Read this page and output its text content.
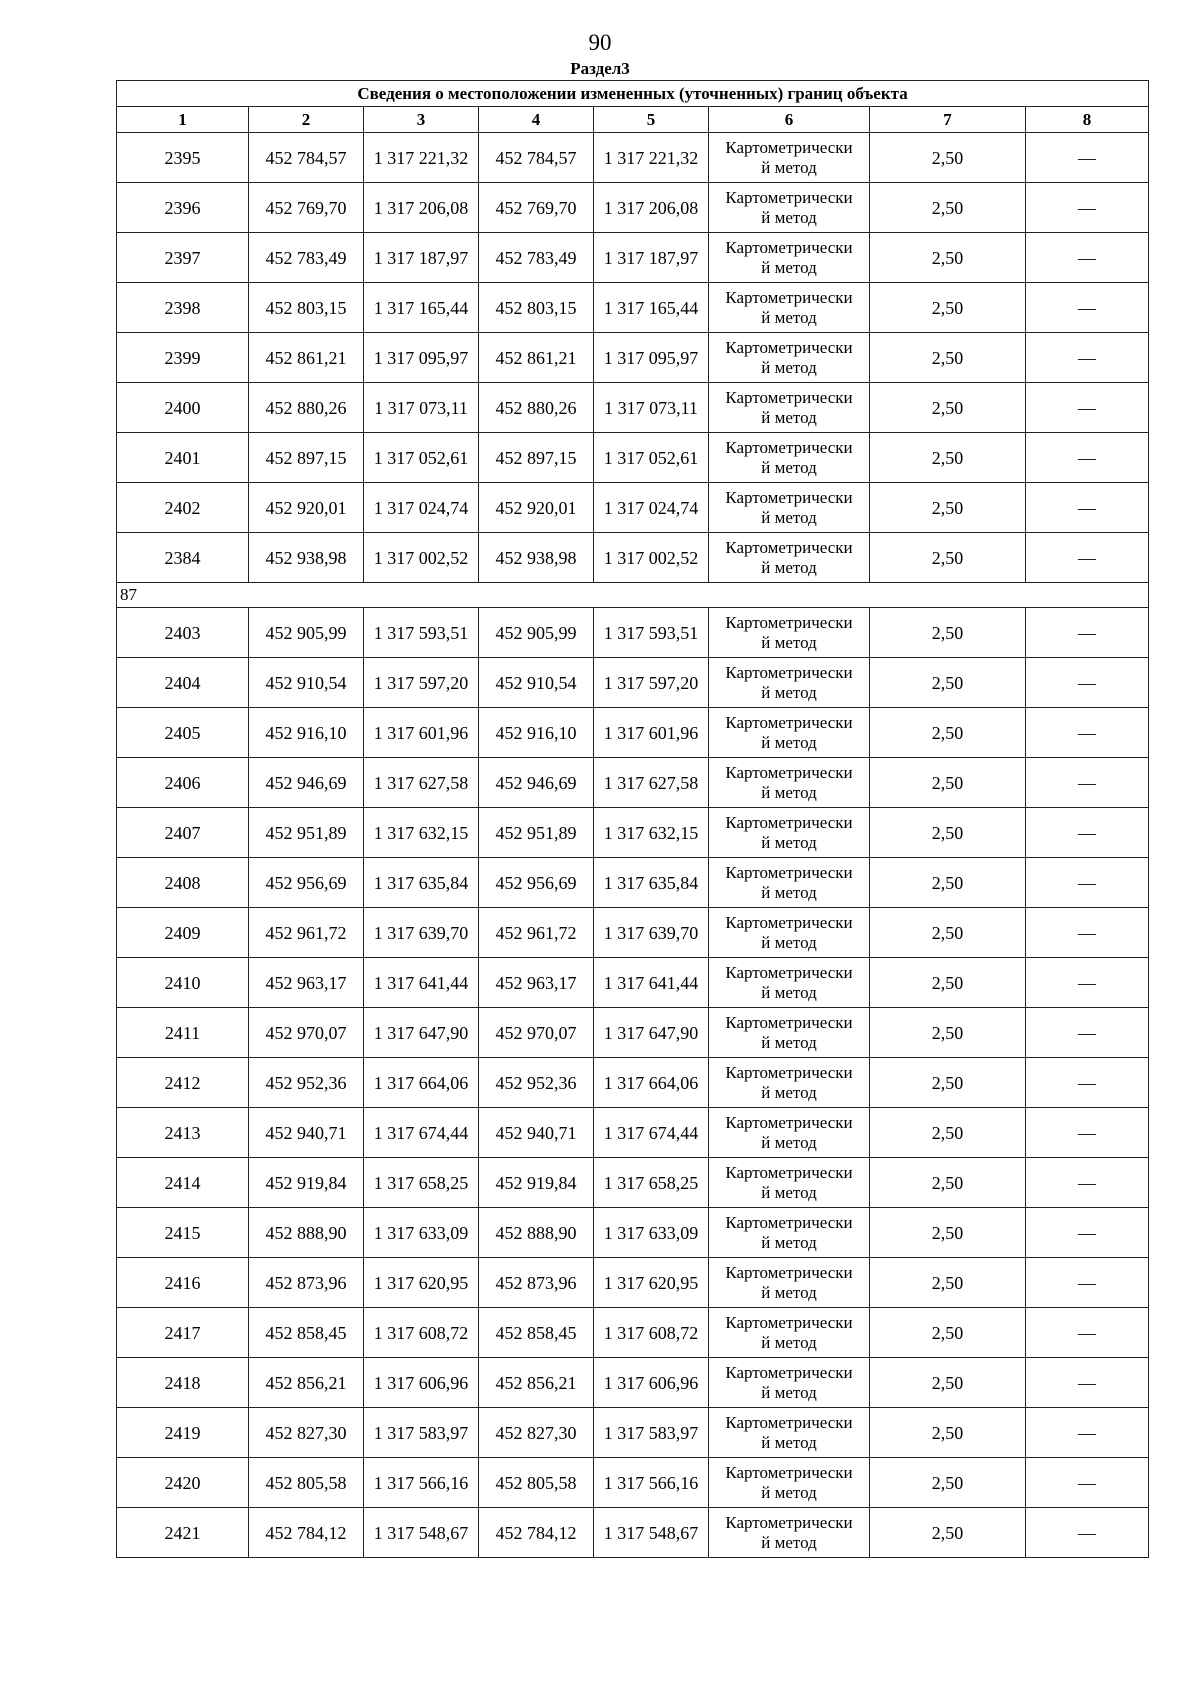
90
Раздел3
Сведения о местоположении измененных (уточненных) границ объекта							
1	2	3	4	5	6	7	8
2395	452 784,57	1 317 221,32	452 784,57	1 317 221,32	Картометрически
й метод	2,50	—
2396	452 769,70	1 317 206,08	452 769,70	1 317 206,08	Картометрически
й метод	2,50	—
2397	452 783,49	1 317 187,97	452 783,49	1 317 187,97	Картометрически
й метод	2,50	—
2398	452 803,15	1 317 165,44	452 803,15	1 317 165,44	Картометрически
й метод	2,50	—
2399	452 861,21	1 317 095,97	452 861,21	1 317 095,97	Картометрически
й метод	2,50	—
2400	452 880,26	1 317 073,11	452 880,26	1 317 073,11	Картометрически
й метод	2,50	—
2401	452 897,15	1 317 052,61	452 897,15	1 317 052,61	Картометрически
й метод	2,50	—
2402	452 920,01	1 317 024,74	452 920,01	1 317 024,74	Картометрически
й метод	2,50	—
2384	452 938,98	1 317 002,52	452 938,98	1 317 002,52	Картометрически
й метод	2,50	—
87							
2403	452 905,99	1 317 593,51	452 905,99	1 317 593,51	Картометрически
й метод	2,50	—
2404	452 910,54	1 317 597,20	452 910,54	1 317 597,20	Картометрически
й метод	2,50	—
2405	452 916,10	1 317 601,96	452 916,10	1 317 601,96	Картометрически
й метод	2,50	—
2406	452 946,69	1 317 627,58	452 946,69	1 317 627,58	Картометрически
й метод	2,50	—
2407	452 951,89	1 317 632,15	452 951,89	1 317 632,15	Картометрически
й метод	2,50	—
2408	452 956,69	1 317 635,84	452 956,69	1 317 635,84	Картометрически
й метод	2,50	—
2409	452 961,72	1 317 639,70	452 961,72	1 317 639,70	Картометрически
й метод	2,50	—
2410	452 963,17	1 317 641,44	452 963,17	1 317 641,44	Картометрически
й метод	2,50	—
2411	452 970,07	1 317 647,90	452 970,07	1 317 647,90	Картометрически
й метод	2,50	—
2412	452 952,36	1 317 664,06	452 952,36	1 317 664,06	Картометрически
й метод	2,50	—
2413	452 940,71	1 317 674,44	452 940,71	1 317 674,44	Картометрически
й метод	2,50	—
2414	452 919,84	1 317 658,25	452 919,84	1 317 658,25	Картометрически
й метод	2,50	—
2415	452 888,90	1 317 633,09	452 888,90	1 317 633,09	Картометрически
й метод	2,50	—
2416	452 873,96	1 317 620,95	452 873,96	1 317 620,95	Картометрически
й метод	2,50	—
2417	452 858,45	1 317 608,72	452 858,45	1 317 608,72	Картометрически
й метод	2,50	—
2418	452 856,21	1 317 606,96	452 856,21	1 317 606,96	Картометрически
й метод	2,50	—
2419	452 827,30	1 317 583,97	452 827,30	1 317 583,97	Картометрически
й метод	2,50	—
2420	452 805,58	1 317 566,16	452 805,58	1 317 566,16	Картометрически
й метод	2,50	—
2421	452 784,12	1 317 548,67	452 784,12	1 317 548,67	Картометрически
й метод	2,50	—
